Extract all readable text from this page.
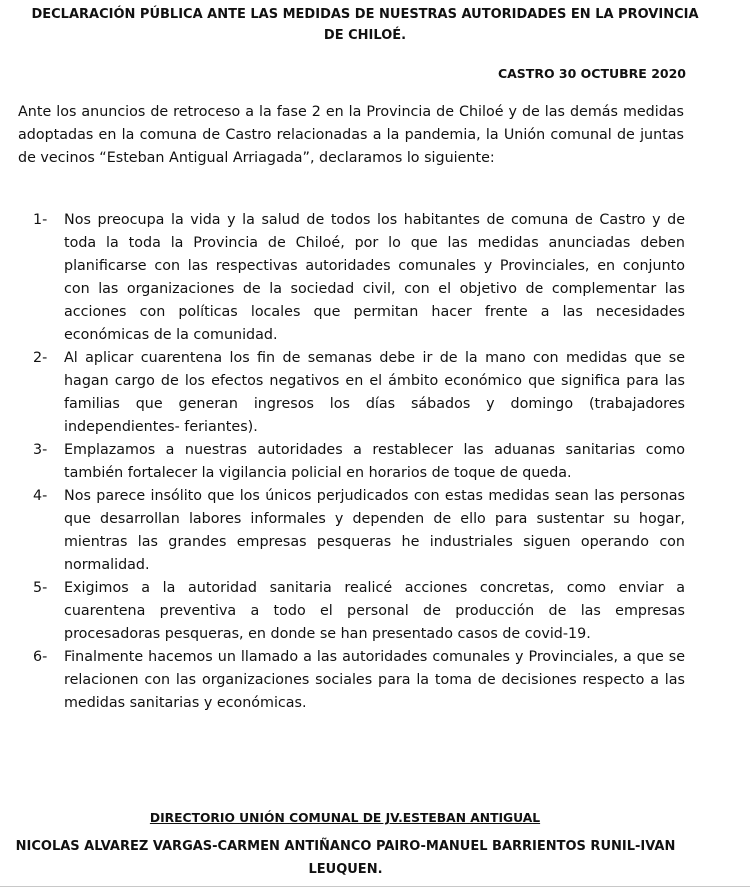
DECLARACIÓN PÚBLICA ANTE LAS MEDIDAS DE NUESTRAS AUTORIDADES EN LA PROVINCIA DE CHILOÉ.
CASTRO 30 OCTUBRE 2020
Ante los anuncios de retroceso a la fase 2 en la Provincia de Chiloé y de las demás medidas adoptadas en la comuna de Castro relacionadas a la pandemia, la Unión comunal de juntas de vecinos “Esteban Antigual Arriagada”, declaramos lo siguiente:
1-	Nos preocupa la vida y la salud de todos los habitantes de comuna de Castro y de toda la toda la Provincia de Chiloé, por lo que las medidas anunciadas deben planificarse con las respectivas autoridades comunales y Provinciales, en conjunto con las organizaciones de la sociedad civil, con el objetivo de complementar las acciones con políticas locales que permitan hacer frente a las necesidades económicas de la comunidad.
2-	Al aplicar cuarentena los fin de semanas debe ir de la mano con medidas que se hagan cargo de los efectos negativos en el ámbito económico que significa para las familias que generan ingresos los días sábados y domingo (trabajadores independientes- feriantes).
3-	Emplazamos a nuestras autoridades a restablecer las aduanas sanitarias como también fortalecer la vigilancia policial en horarios de toque de queda.
4-	Nos parece insólito que los únicos perjudicados con estas medidas sean las personas que desarrollan labores informales y dependen de ello para sustentar su hogar, mientras las grandes empresas pesqueras he industriales siguen operando con normalidad.
5-	Exigimos a la autoridad sanitaria realicé acciones concretas, como enviar a cuarentena preventiva a todo el personal de producción de las empresas procesadoras pesqueras, en donde se han presentado casos de covid-19.
6-	Finalmente hacemos un llamado a las autoridades comunales y Provinciales, a que se relacionen con las organizaciones sociales para la toma de decisiones respecto a las medidas sanitarias y económicas.
DIRECTORIO UNIÓN COMUNAL DE JV.ESTEBAN ANTIGUAL
NICOLAS ALVAREZ VARGAS-CARMEN ANTIÑANCO PAIRO-MANUEL BARRIENTOS RUNIL-IVAN LEUQUEN.
